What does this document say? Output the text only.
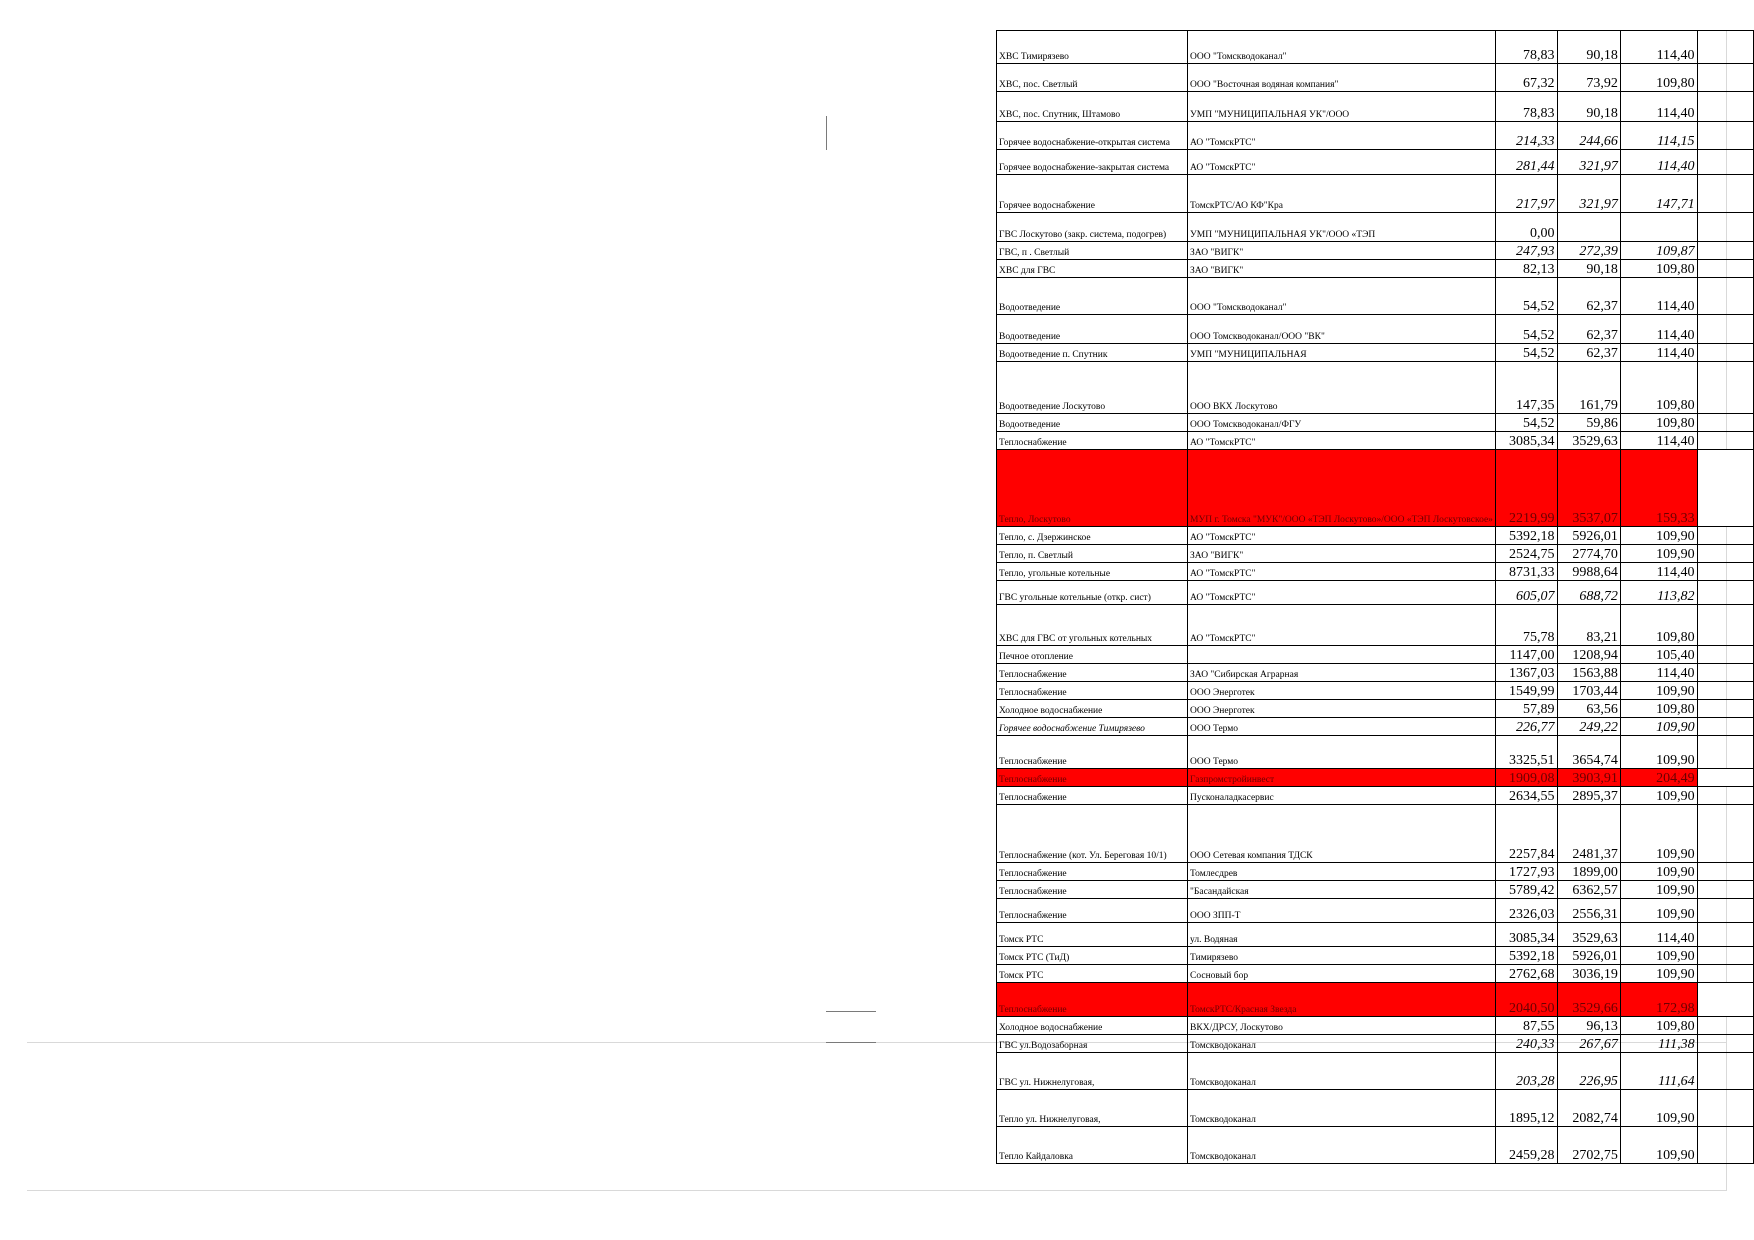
ХВС Тимирязево	ООО "Томскводоканал"	78,83	90,18	114,40	
ХВС, пос. Светлый	ООО "Восточная водяная компания"	67,32	73,92	109,80	
ХВС, пос. Спутник, Штамово	УМП "МУНИЦИПАЛЬНАЯ УК"/ООО	78,83	90,18	114,40	
Горячее водоснабжение-открытая система	АО "ТомскРТС"	214,33	244,66	114,15	
Горячее водоснабжение-закрытая система	АО "ТомскРТС"	281,44	321,97	114,40	
Горячее водоснабжение	ТомскРТС/АО КФ"Кра	217,97	321,97	147,71	
ГВС Лоскутово (закр. система, подогрев)	УМП "МУНИЦИПАЛЬНАЯ УК"/ООО «ТЭП	0,00			
ГВС, п . Светлый	ЗАО "ВИГК"	247,93	272,39	109,87	
ХВС для ГВС	ЗАО "ВИГК"	82,13	90,18	109,80	
Водоотведение	ООО "Томскводоканал"	54,52	62,37	114,40	
Водоотведение	ООО Томскводоканал/ООО "ВК"	54,52	62,37	114,40	
Водоотведение п. Спутник	УМП "МУНИЦИПАЛЬНАЯ	54,52	62,37	114,40	
Водоотведение Лоскутово	ООО ВКХ Лоскутово	147,35	161,79	109,80	
Водоотведение	ООО Томскводоканал/ФГУ	54,52	59,86	109,80	
Теплоснабжение	АО "ТомскРТС"	3085,34	3529,63	114,40	
Тепло, Лоскутово	МУП г. Томска "МУК"/ООО «ТЭП Лоскутово»/ООО «ТЭП Лоскутовское»	2219,99	3537,07	159,33	
Тепло, с. Дзержинское	АО "ТомскРТС"	5392,18	5926,01	109,90	
Тепло, п. Светлый	ЗАО "ВИГК"	2524,75	2774,70	109,90	
Тепло, угольные котельные	АО "ТомскРТС"	8731,33	9988,64	114,40	
ГВС угольные котельные (откр. сист)	АО "ТомскРТС"	605,07	688,72	113,82	
ХВС для ГВС от угольных котельных	АО "ТомскРТС"	75,78	83,21	109,80	
Печное отопление		1147,00	1208,94	105,40	
Теплоснабжение	ЗАО "Сибирская Аграрная	1367,03	1563,88	114,40	
Теплоснабжение	ООО Энерготек	1549,99	1703,44	109,90	
Холодное водоснабжение	ООО Энерготек	57,89	63,56	109,80	
Горячее водоснабжение Тимирязево	ООО Термо	226,77	249,22	109,90	
Теплоснабжение	ООО Термо	3325,51	3654,74	109,90	
Теплоснабжение	Газпромстройинвест	1909,08	3903,91	204,49	
Теплоснабжение	Пусконаладкасервис	2634,55	2895,37	109,90	
Теплоснабжение (кот. Ул. Береговая 10/1)	ООО Сетевая компания ТДСК	2257,84	2481,37	109,90	
Теплоснабжение	Томлесдрев	1727,93	1899,00	109,90	
Теплоснабжение	"Басандайская	5789,42	6362,57	109,90	
Теплоснабжение	ООО ЗПП-Т	2326,03	2556,31	109,90	
Томск РТС	ул. Водяная	3085,34	3529,63	114,40	
Томск РТС (ТиД)	Тимирязево	5392,18	5926,01	109,90	
Томск РТС	Сосновый бор	2762,68	3036,19	109,90	
Теплоснабжение	ТомскРТС/Красная Звезда	2040,50	3529,66	172,98	
Холодное водоснабжение	ВКХ/ДРСУ, Лоскутово	87,55	96,13	109,80	
ГВС ул.Водозаборная	Томскводоканал	240,33	267,67	111,38	
ГВС ул. Нижнелуговая,	Томскводоканал	203,28	226,95	111,64	
Тепло ул. Нижнелуговая,	Томскводоканал	1895,12	2082,74	109,90	
Тепло Кайдаловка	Томскводоканал	2459,28	2702,75	109,90	
